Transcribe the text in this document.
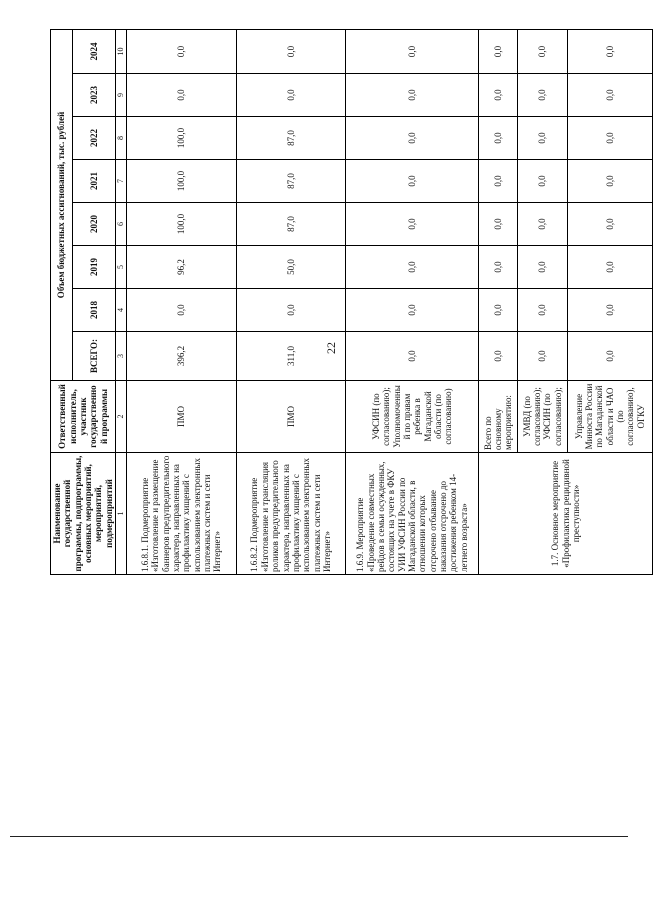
22
Наименование государственной программы, подпрограммы, основных мероприятий, мероприятий, подмероприятий	Ответственный исполнитель, участник государственной программы	Объем бюджетных ассигнований, тыс. рублей							
		ВСЕГО:	2018	2019	2020	2021	2022	2023	2024
1	2	3	4	5	6	7	8	9	10
1.6.8.1. Подмероприятие «Изготовление и размещение баннеров предупредительного характера, направленных на профилактику хищений с использованием электронных платежных систем и сети Интернет»	ПМО	396,2	0,0	96,2	100,0	100,0	100,0	0,0	0,0
1.6.8.2. Подмероприятие «Изготовление и трансляция роликов предупредительного характера, направленных на профилактику хищений с использованием электронных платежных систем и сети Интернет»	ПМО	311,0	0,0	50,0	87,0	87,0	87,0	0,0	0,0
1.6.9. Мероприятие «Проведение совместных рейдов в семьи осужденных, состоящих на учете в ФКУ УИИ УФСИН России по Магаданской области, в отношении которых отсрочено отбывание наказания отсрочено до достижения ребенком 14-летнего возраста»	УФСИН (по согласованию); Уполномоченный по правам ребенка в Магаданской области (по согласованию)	0,0	0,0	0,0	0,0	0,0	0,0	0,0	0,0
1.7. Основное мероприятие «Профилактика рецидивной преступности»	Всего по основному мероприятию:	0,0	0,0	0,0	0,0	0,0	0,0	0,0	0,0
	УМВД (по согласованию); УФСИН (по согласованию);	0,0	0,0	0,0	0,0	0,0	0,0	0,0	0,0
	Управление Минюста России по Магаданской области и ЧАО (по согласованию), ОГКУ	0,0	0,0	0,0	0,0	0,0	0,0	0,0	0,0
